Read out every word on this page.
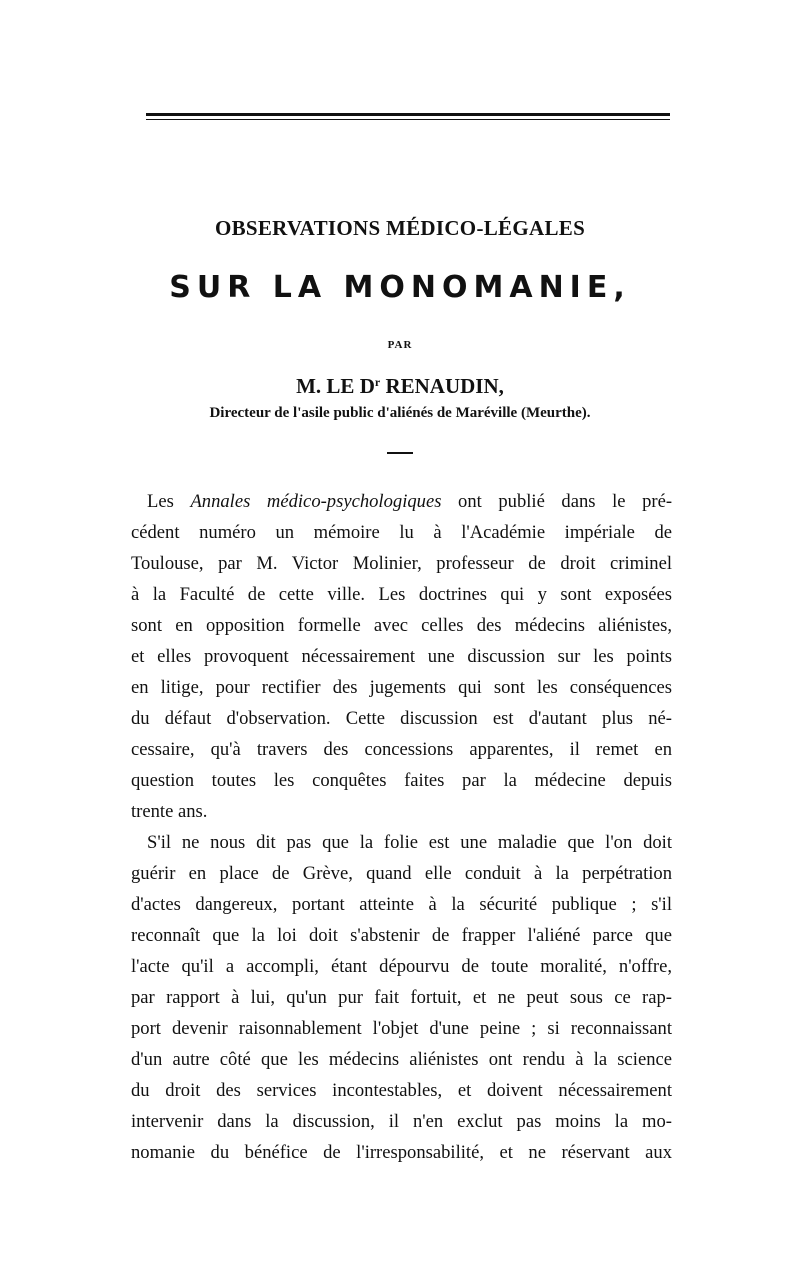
OBSERVATIONS MÉDICO-LÉGALES
SUR LA MONOMANIE,
PAR
M. LE $D^r$ RENAUDIN,
Directeur de l'asile public d'aliénés de Maréville (Meurthe).
Les Annales médico-psychologiques ont publié dans le pré-
cédent numéro un mémoire lu à l'Académie impériale de
Toulouse, par M. Victor Molinier, professeur de droit criminel
à la Faculté de cette ville. Les doctrines qui y sont exposées
sont en opposition formelle avec celles des médecins aliénistes,
et elles provoquent nécessairement une discussion sur les points
en litige, pour rectifier des jugements qui sont les conséquences
du défaut d'observation. Cette discussion est d'autant plus né-
cessaire, qu'à travers des concessions apparentes, il remet en
question toutes les conquêtes faites par la médecine depuis
trente ans.
S'il ne nous dit pas que la folie est une maladie que l'on doit
guérir en place de Grève, quand elle conduit à la perpétration
d'actes dangereux, portant atteinte à la sécurité publique ; s'il
reconnaît que la loi doit s'abstenir de frapper l'aliéné parce que
l'acte qu'il a accompli, étant dépourvu de toute moralité, n'offre,
par rapport à lui, qu'un pur fait fortuit, et ne peut sous ce rap-
port devenir raisonnablement l'objet d'une peine ; si reconnaissant
d'un autre côté que les médecins aliénistes ont rendu à la science
du droit des services incontestables, et doivent nécessairement
intervenir dans la discussion, il n'en exclut pas moins la mo-
nomanie du bénéfice de l'irresponsabilité, et ne réservant aux
